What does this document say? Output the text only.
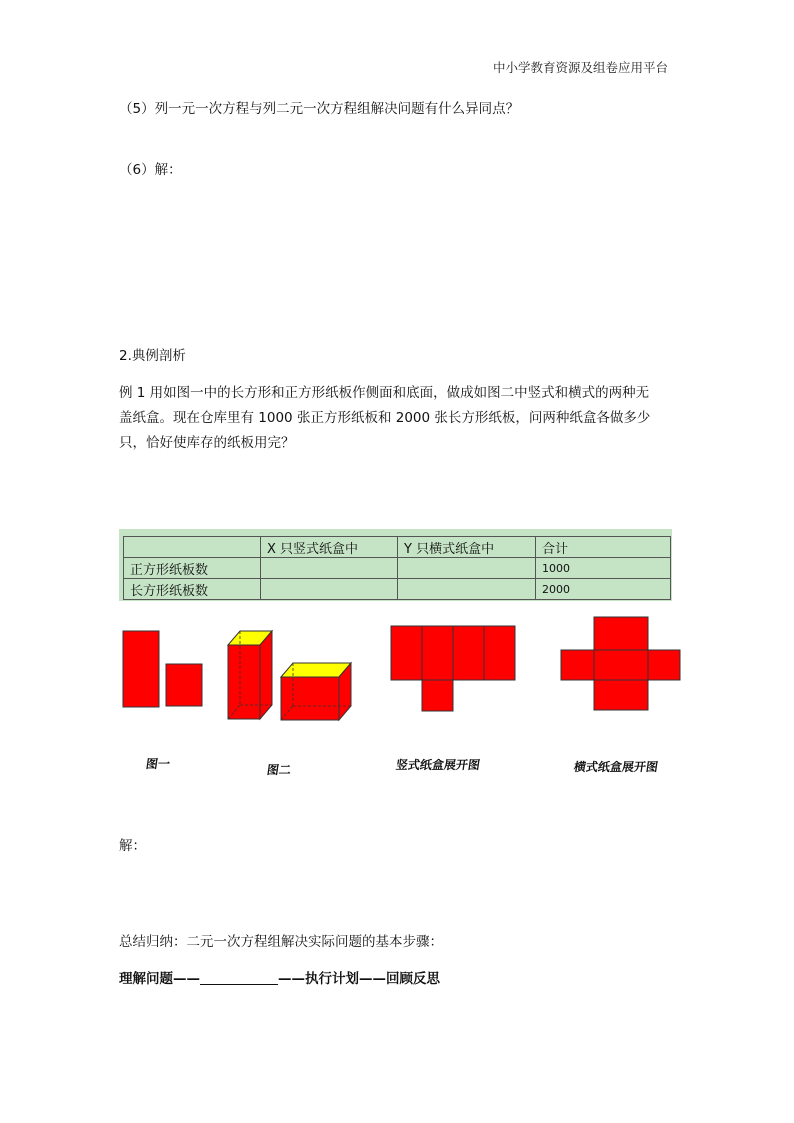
中小学教育资源及组卷应用平台
（5）列一元一次方程与列二元一次方程组解决问题有什么异同点？
（6）解：
2.典例剖析
例 1 用如图一中的长方形和正方形纸板作侧面和底面，做成如图二中竖式和横式的两种无
盖纸盒。现在仓库里有 1000 张正方形纸板和 2000 张长方形纸板，问两种纸盒各做多少
只，恰好使库存的纸板用完？
	X 只竖式纸盒中	Y 只横式纸盒中	合计
正方形纸板数			1000
长方形纸板数			2000
图一	图二	竖式纸盒展开图	横式纸盒展开图
解：
总结归纳：二元一次方程组解决实际问题的基本步骤：
理解问题——	——执行计划——回顾反思
